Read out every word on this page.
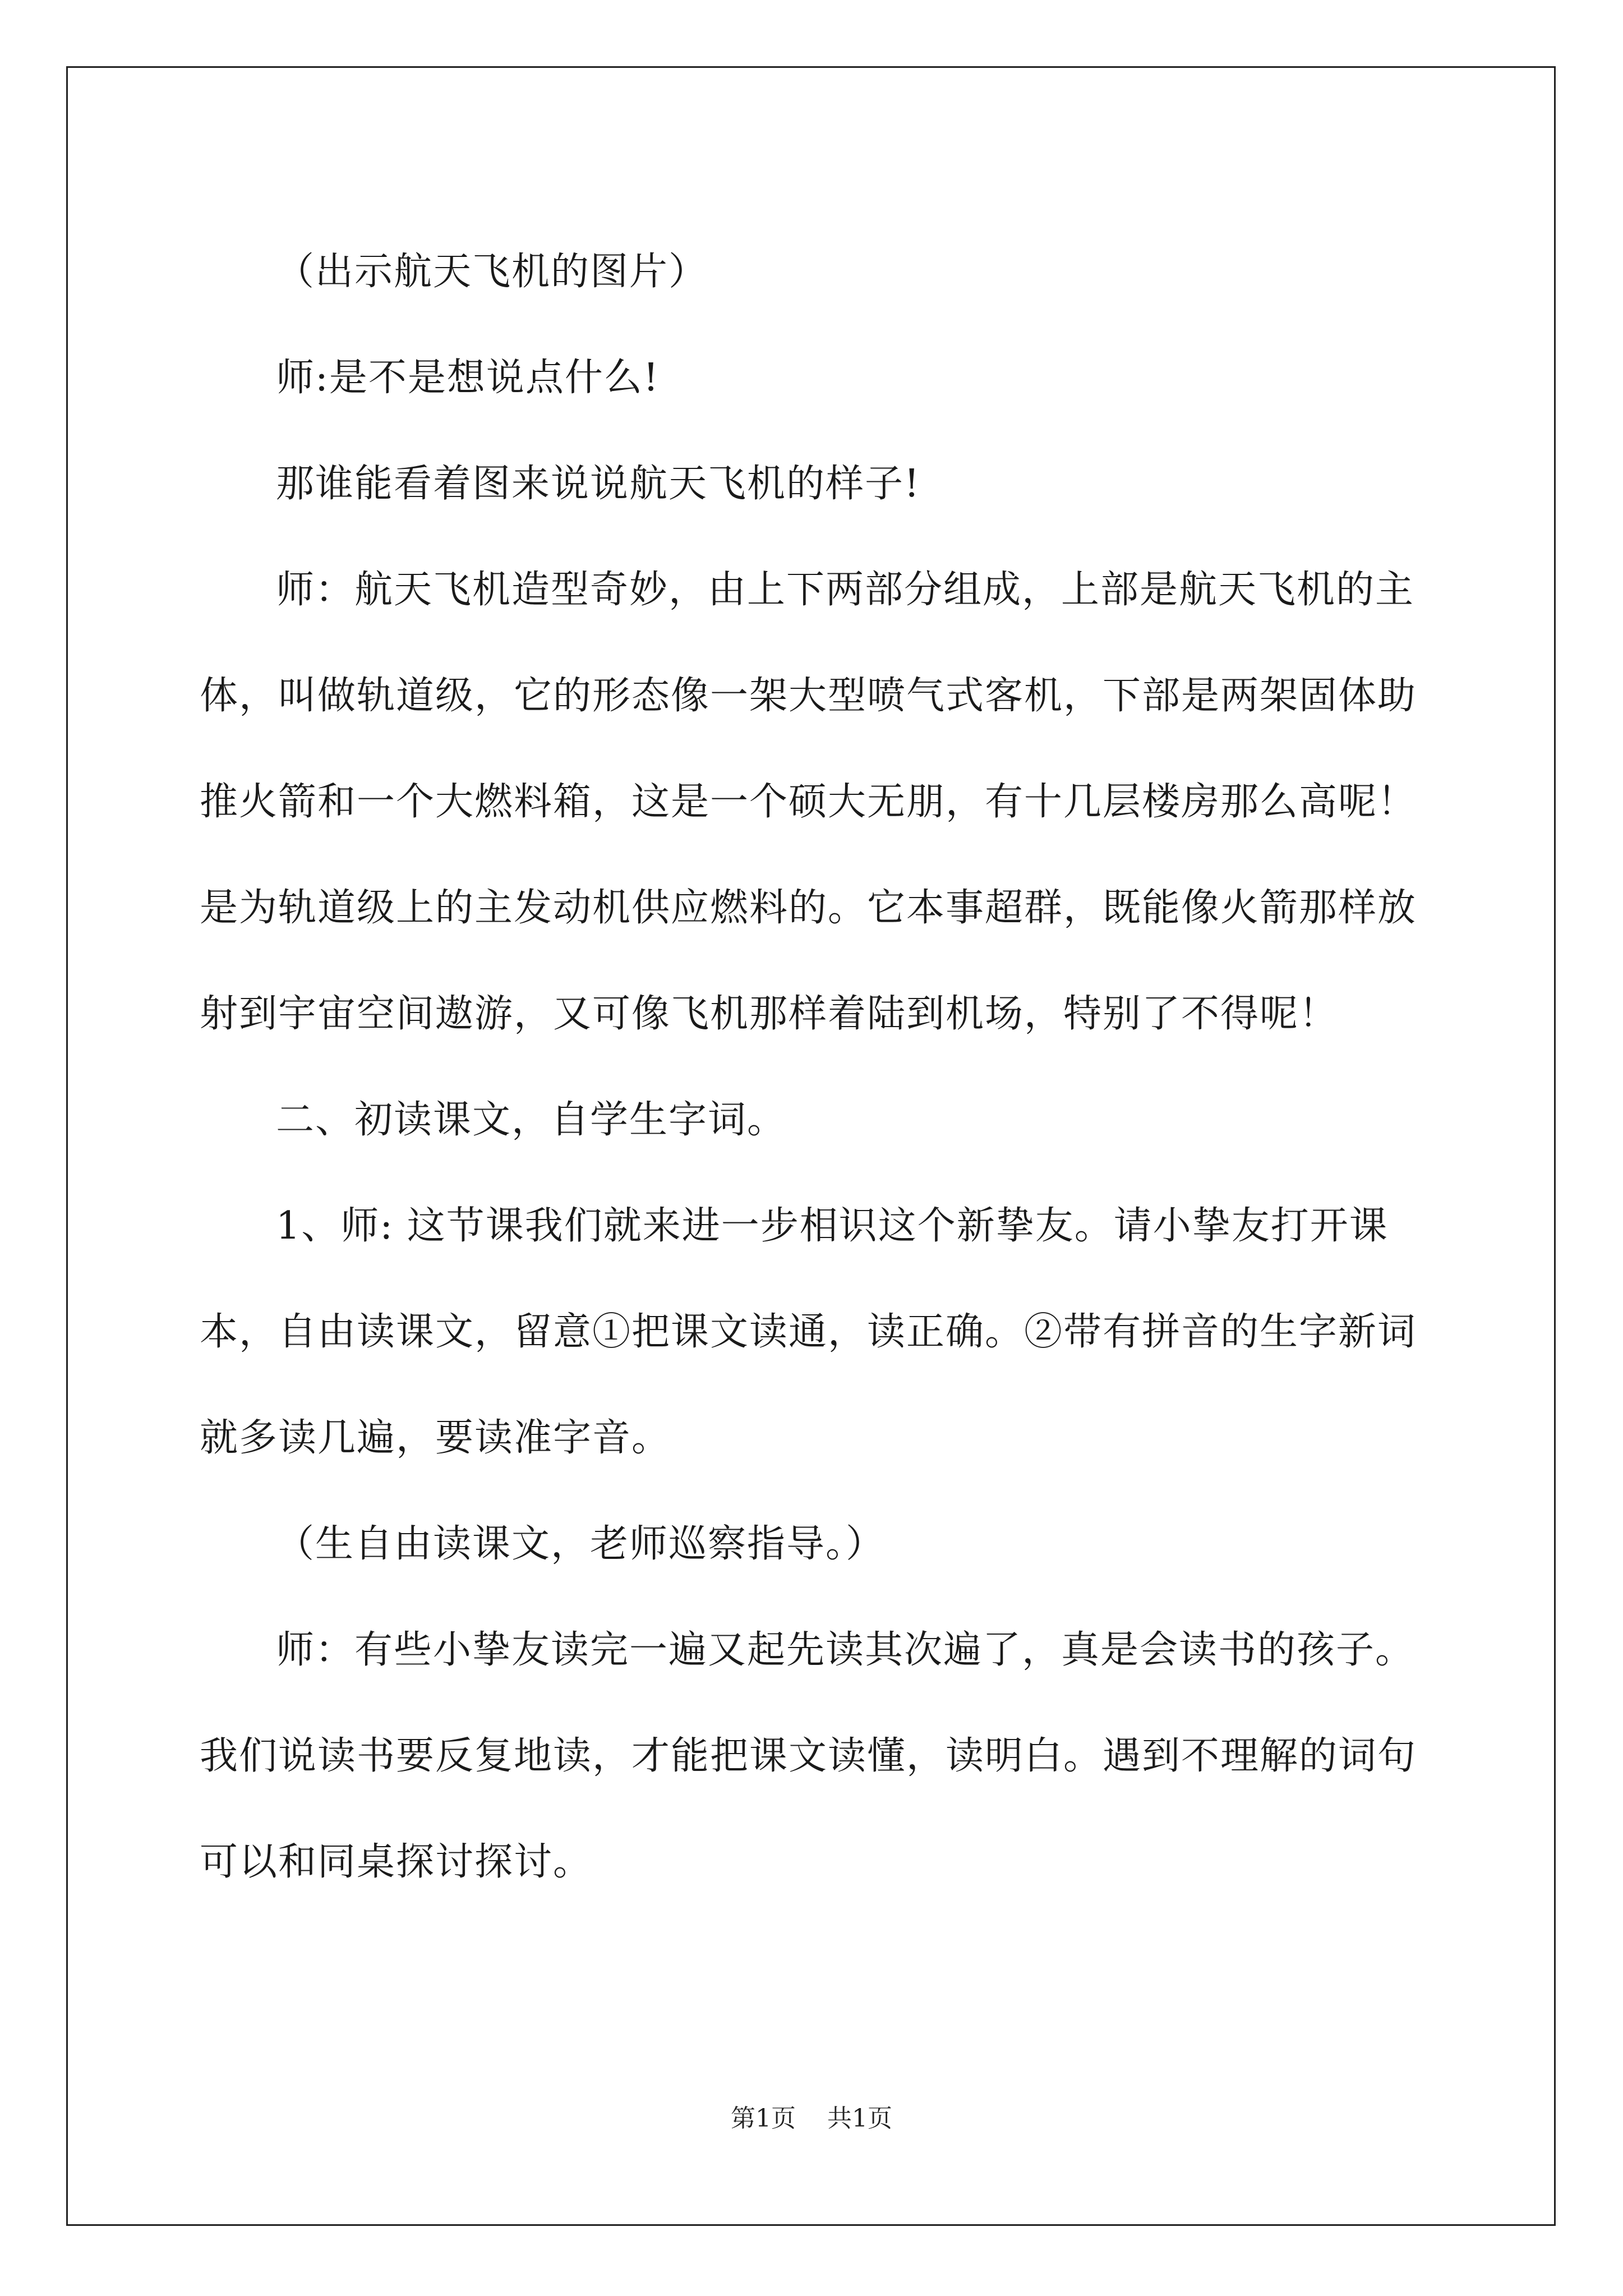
（出示航天飞机的图片）

师:是不是想说点什么!

那谁能看着图来说说航天飞机的样子!

师：航天飞机造型奇妙，由上下两部分组成，上部是航天飞机的主体，叫做轨道级，它的形态像一架大型喷气式客机，下部是两架固体助推火箭和一个大燃料箱，这是一个硕大无朋，有十几层楼房那么高呢！是为轨道级上的主发动机供应燃料的。它本事超群，既能像火箭那样放射到宇宙空间遨游，又可像飞机那样着陆到机场，特别了不得呢！

二、初读课文，自学生字词。

1、师: 这节课我们就来进一步相识这个新挚友。请小挚友打开课本，自由读课文，留意①把课文读通，读正确。②带有拼音的生字新词就多读几遍，要读准字音。

（生自由读课文，老师巡察指导。）

师：有些小挚友读完一遍又起先读其次遍了，真是会读书的孩子。我们说读书要反复地读，才能把课文读懂，读明白。遇到不理解的词句可以和同桌探讨探讨。

第1页 共1页
